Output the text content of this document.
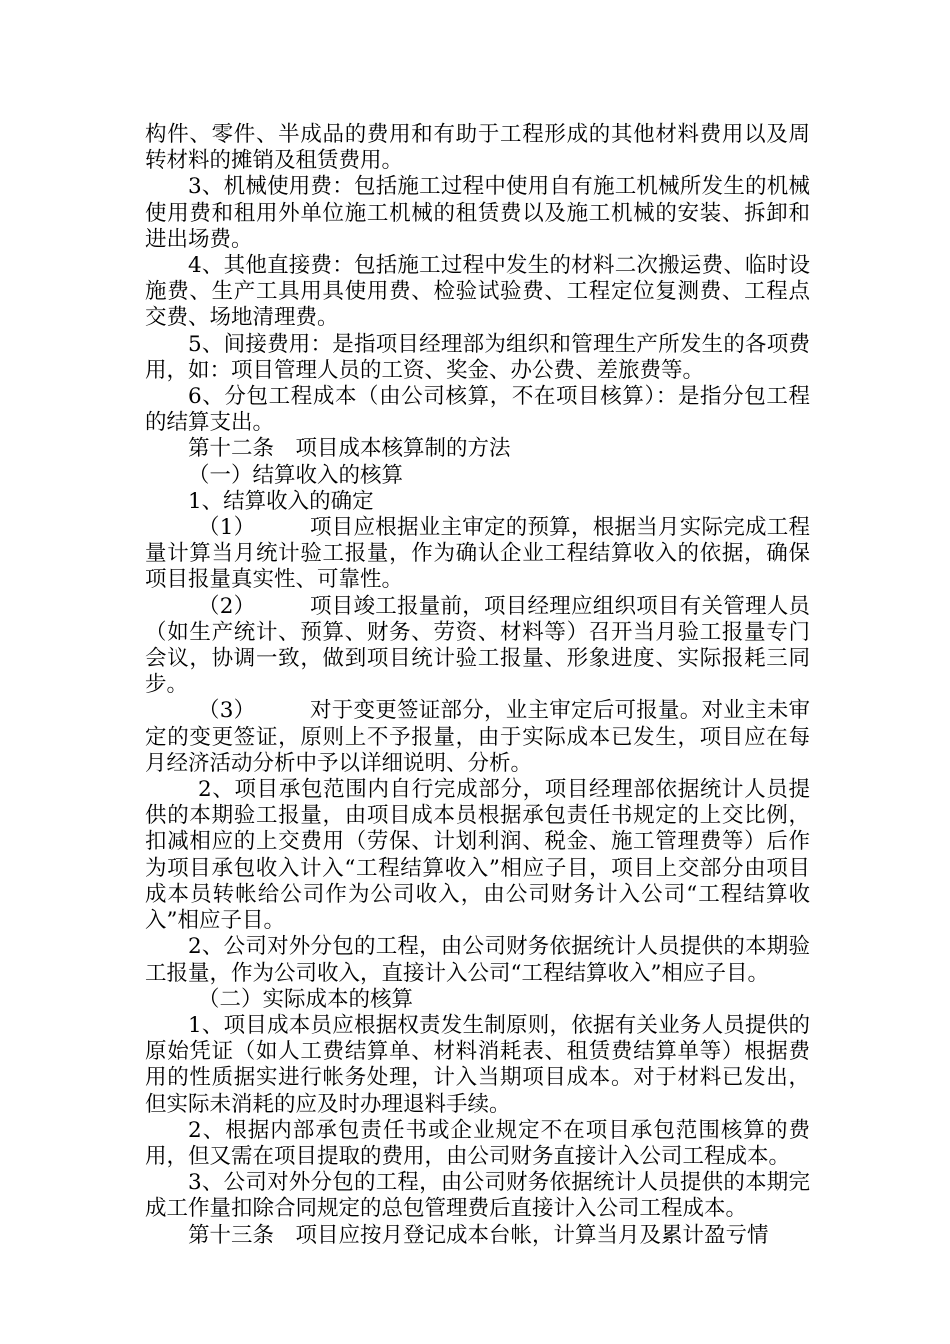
构件、零件、半成品的费用和有助于工程形成的其他材料费用以及周转材料的摊销及租赁费用。

3、机械使用费：包括施工过程中使用自有施工机械所发生的机械使用费和租用外单位施工机械的租赁费以及施工机械的安装、拆卸和进出场费。

4、其他直接费：包括施工过程中发生的材料二次搬运费、临时设施费、生产工具用具使用费、检验试验费、工程定位复测费、工程点交费、场地清理费。

5、间接费用：是指项目经理部为组织和管理生产所发生的各项费用，如：项目管理人员的工资、奖金、办公费、差旅费等。

6、分包工程成本（由公司核算，不在项目核算）：是指分包工程的结算支出。

第十二条　项目成本核算制的方法

（一）结算收入的核算

1、结算收入的确定

（1）　　　项目应根据业主审定的预算，根据当月实际完成工程量计算当月统计验工报量，作为确认企业工程结算收入的依据，确保项目报量真实性、可靠性。

（2）　　　项目竣工报量前，项目经理应组织项目有关管理人员（如生产统计、预算、财务、劳资、材料等）召开当月验工报量专门会议，协调一致，做到项目统计验工报量、形象进度、实际报耗三同步。

（3）　　　对于变更签证部分，业主审定后可报量。对业主未审定的变更签证，原则上不予报量，由于实际成本已发生，项目应在每月经济活动分析中予以详细说明、分析。

2、项目承包范围内自行完成部分，项目经理部依据统计人员提供的本期验工报量，由项目成本员根据承包责任书规定的上交比例，扣减相应的上交费用（劳保、计划利润、税金、施工管理费等）后作为项目承包收入计入“工程结算收入”相应子目，项目上交部分由项目成本员转帐给公司作为公司收入，由公司财务计入公司“工程结算收入”相应子目。

2、公司对外分包的工程，由公司财务依据统计人员提供的本期验工报量，作为公司收入，直接计入公司“工程结算收入”相应子目。

（二）实际成本的核算

1、项目成本员应根据权责发生制原则，依据有关业务人员提供的原始凭证（如人工费结算单、材料消耗表、租赁费结算单等）根据费用的性质据实进行帐务处理，计入当期项目成本。对于材料已发出，但实际未消耗的应及时办理退料手续。

2、根据内部承包责任书或企业规定不在项目承包范围核算的费用，但又需在项目提取的费用，由公司财务直接计入公司工程成本。

3、公司对外分包的工程，由公司财务依据统计人员提供的本期完成工作量扣除合同规定的总包管理费后直接计入公司工程成本。

第十三条　项目应按月登记成本台帐，计算当月及累计盈亏情
